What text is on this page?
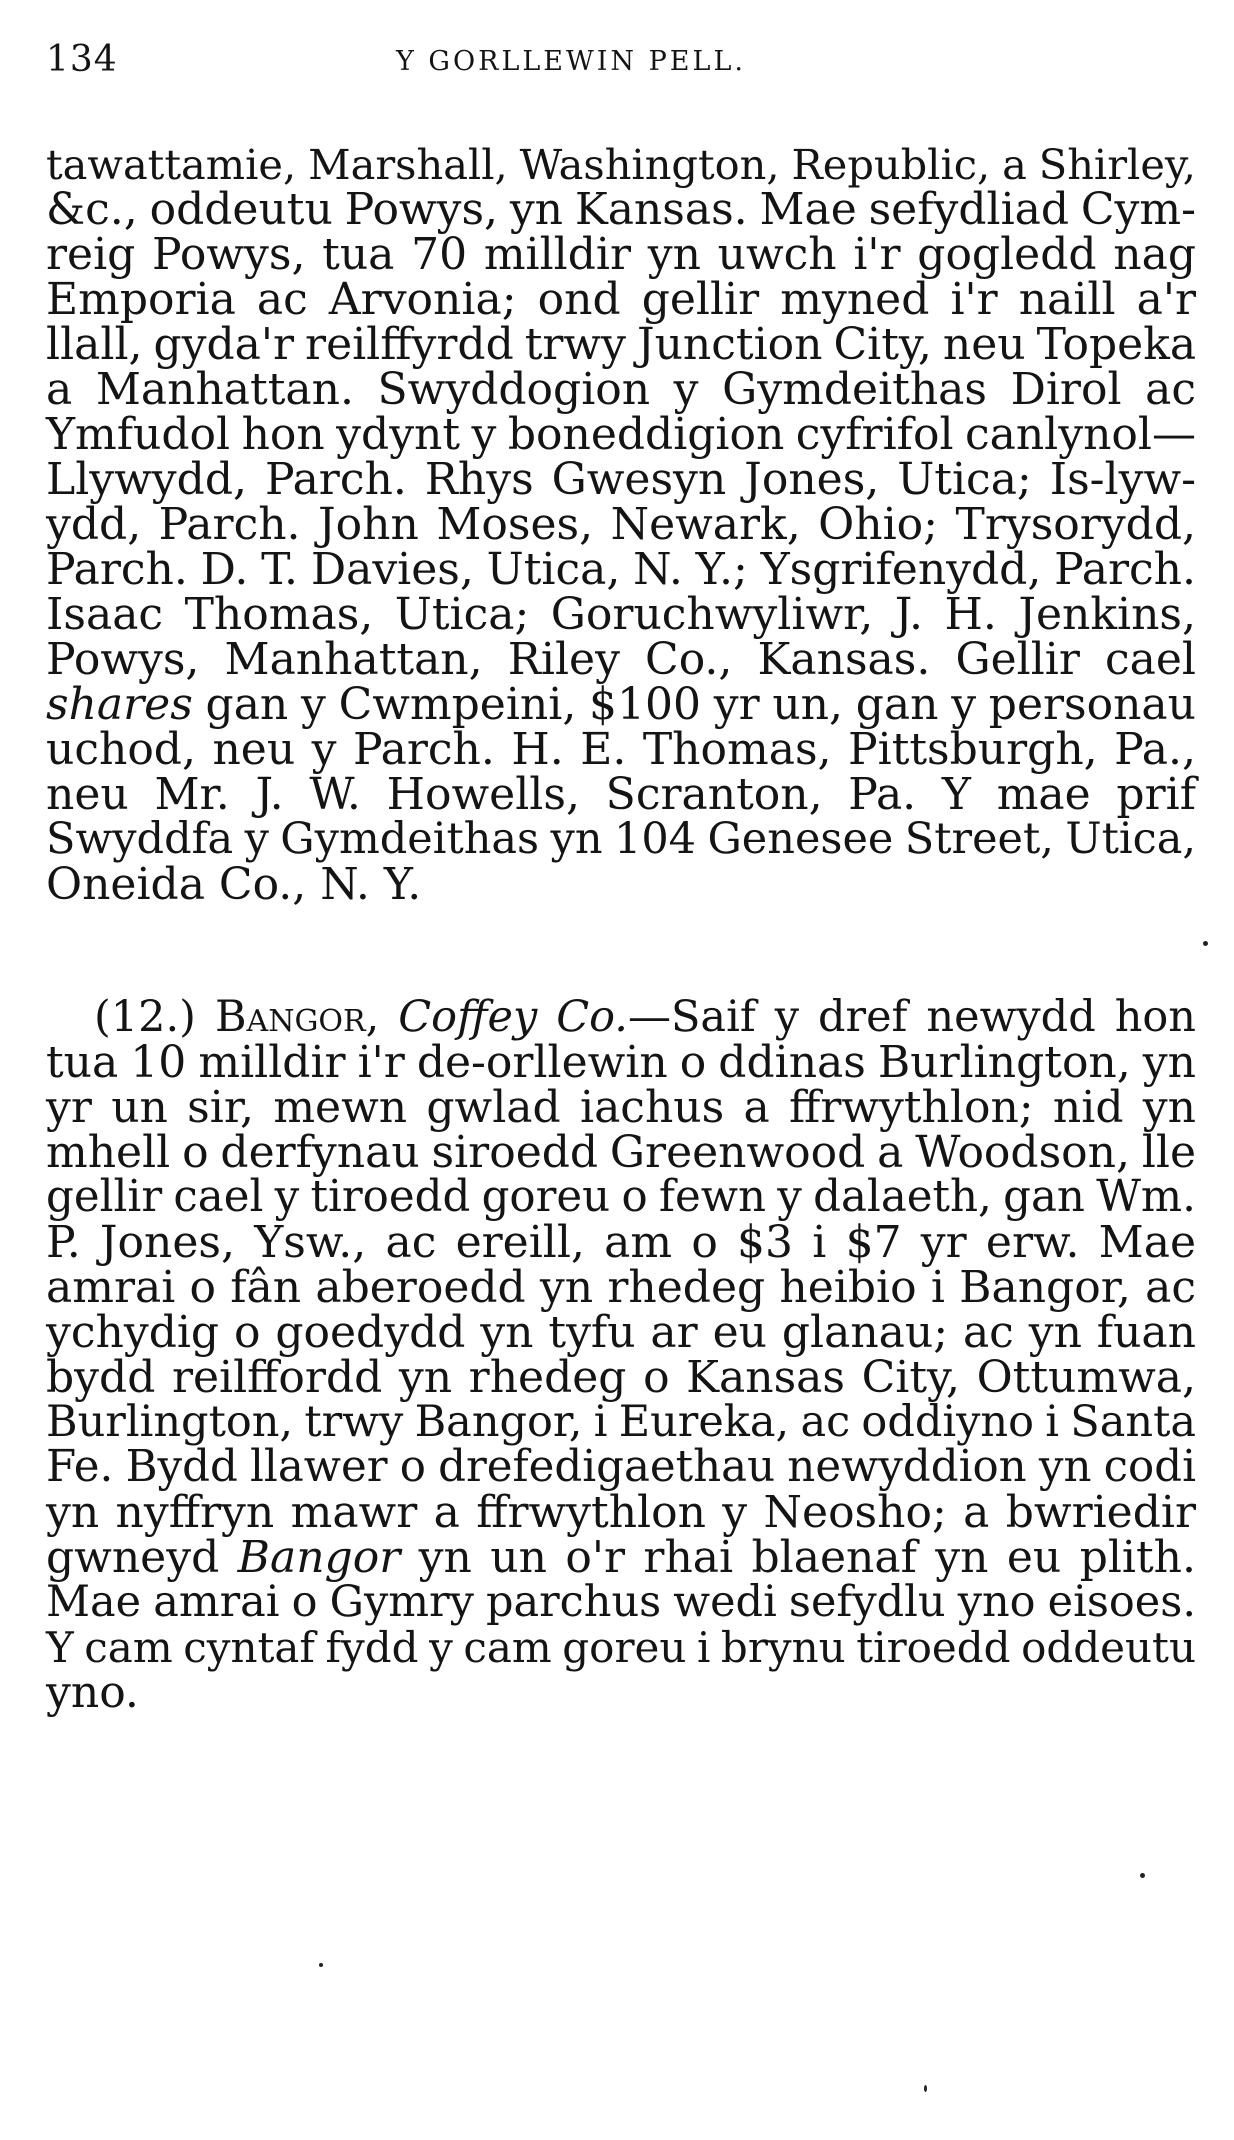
134	Y GORLLEWIN PELL.
tawattamie, Marshall, Washington, Republic, a Shirley,
&c., oddeutu Powys, yn Kansas. Mae sefydliad Cym-
reig Powys, tua 70 milldir yn uwch i'r gogledd nag
Emporia ac Arvonia; ond gellir myned i'r naill a'r
llall, gyda'r reilffyrdd trwy Junction City, neu Topeka
a Manhattan. Swyddogion y Gymdeithas Dirol ac
Ymfudol hon ydynt y boneddigion cyfrifol canlynol—
Llywydd, Parch. Rhys Gwesyn Jones, Utica; Is-lyw-
ydd, Parch. John Moses, Newark, Ohio; Trysorydd,
Parch. D. T. Davies, Utica, N. Y.; Ysgrifenydd, Parch.
Isaac Thomas, Utica; Goruchwyliwr, J. H. Jenkins,
Powys, Manhattan, Riley Co., Kansas. Gellir cael
shares gan y Cwmpeini, $100 yr un, gan y personau
uchod, neu y Parch. H. E. Thomas, Pittsburgh, Pa.,
neu Mr. J. W. Howells, Scranton, Pa. Y mae prif
Swyddfa y Gymdeithas yn 104 Genesee Street, Utica,
Oneida Co., N. Y.
(12.) Bangor, Coffey Co.—Saif y dref newydd hon
tua 10 milldir i'r de-orllewin o ddinas Burlington, yn
yr un sir, mewn gwlad iachus a ffrwythlon; nid yn
mhell o derfynau siroedd Greenwood a Woodson, lle
gellir cael y tiroedd goreu o fewn y dalaeth, gan Wm.
P. Jones, Ysw., ac ereill, am o $3 i $7 yr erw. Mae
amrai o fân aberoedd yn rhedeg heibio i Bangor, ac
ychydig o goedydd yn tyfu ar eu glanau; ac yn fuan
bydd reilffordd yn rhedeg o Kansas City, Ottumwa,
Burlington, trwy Bangor, i Eureka, ac oddiyno i Santa
Fe. Bydd llawer o drefedigaethau newyddion yn codi
yn nyffryn mawr a ffrwythlon y Neosho; a bwriedir
gwneyd Bangor yn un o'r rhai blaenaf yn eu plith.
Mae amrai o Gymry parchus wedi sefydlu yno eisoes.
Y cam cyntaf fydd y cam goreu i brynu tiroedd oddeutu
yno.
